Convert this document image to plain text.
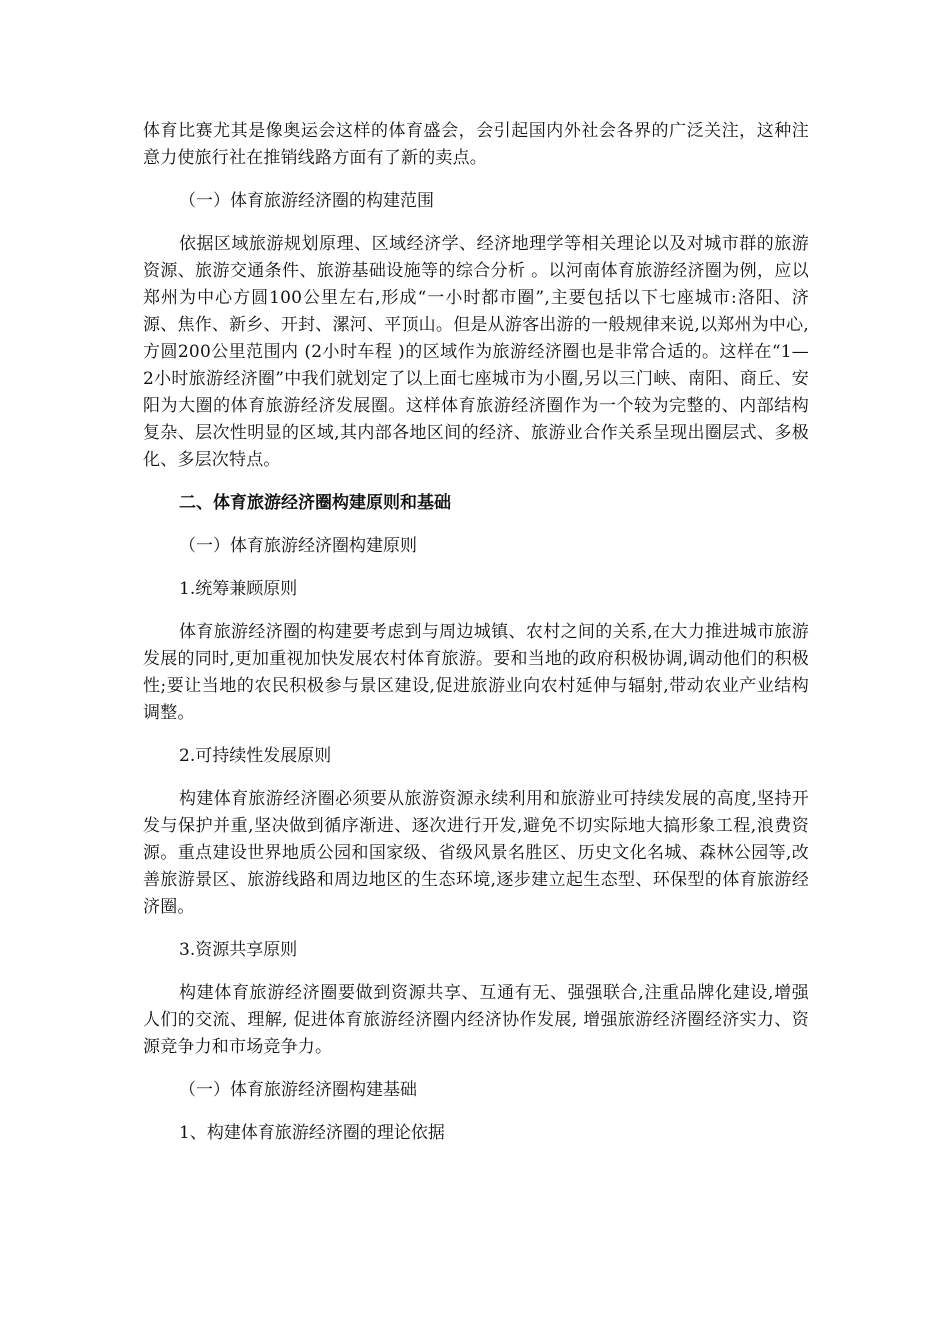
体育比赛尤其是像奥运会这样的体育盛会，会引起国内外社会各界的广泛关注，这种注意力使旅行社在推销线路方面有了新的卖点。

（一）体育旅游经济圈的构建范围

依据区域旅游规划原理、区域经济学、经济地理学等相关理论以及对城市群的旅游资源、旅游交通条件、旅游基础设施等的综合分析 。以河南体育旅游经济圈为例，应以郑州为中心方圆100公里左右,形成“一小时都市圈”,主要包括以下七座城市:洛阳、济源、焦作、新乡、开封、漯河、平顶山。但是从游客出游的一般规律来说,以郑州为中心,方圆200公里范围内 (2小时车程 )的区域作为旅游经济圈也是非常合适的。这样在“1—2小时旅游经济圈”中我们就划定了以上面七座城市为小圈,另以三门峡、南阳、商丘、安阳为大圈的体育旅游经济发展圈。这样体育旅游经济圈作为一个较为完整的、内部结构复杂、层次性明显的区域,其内部各地区间的经济、旅游业合作关系呈现出圈层式、多极化、多层次特点。

二、体育旅游经济圈构建原则和基础

（一）体育旅游经济圈构建原则

1.统筹兼顾原则

体育旅游经济圈的构建要考虑到与周边城镇、农村之间的关系,在大力推进城市旅游发展的同时,更加重视加快发展农村体育旅游。要和当地的政府积极协调,调动他们的积极性;要让当地的农民积极参与景区建设,促进旅游业向农村延伸与辐射,带动农业产业结构调整。

2.可持续性发展原则

构建体育旅游经济圈必须要从旅游资源永续利用和旅游业可持续发展的高度,坚持开发与保护并重,坚决做到循序渐进、逐次进行开发,避免不切实际地大搞形象工程,浪费资源。重点建设世界地质公园和国家级、省级风景名胜区、历史文化名城、森林公园等,改善旅游景区、旅游线路和周边地区的生态环境,逐步建立起生态型、环保型的体育旅游经济圈。

3.资源共享原则

构建体育旅游经济圈要做到资源共享、互通有无、强强联合,注重品牌化建设,增强人们的交流、理解, 促进体育旅游经济圈内经济协作发展, 增强旅游经济圈经济实力、资源竞争力和市场竞争力。

（一）体育旅游经济圈构建基础

1、构建体育旅游经济圈的理论依据
